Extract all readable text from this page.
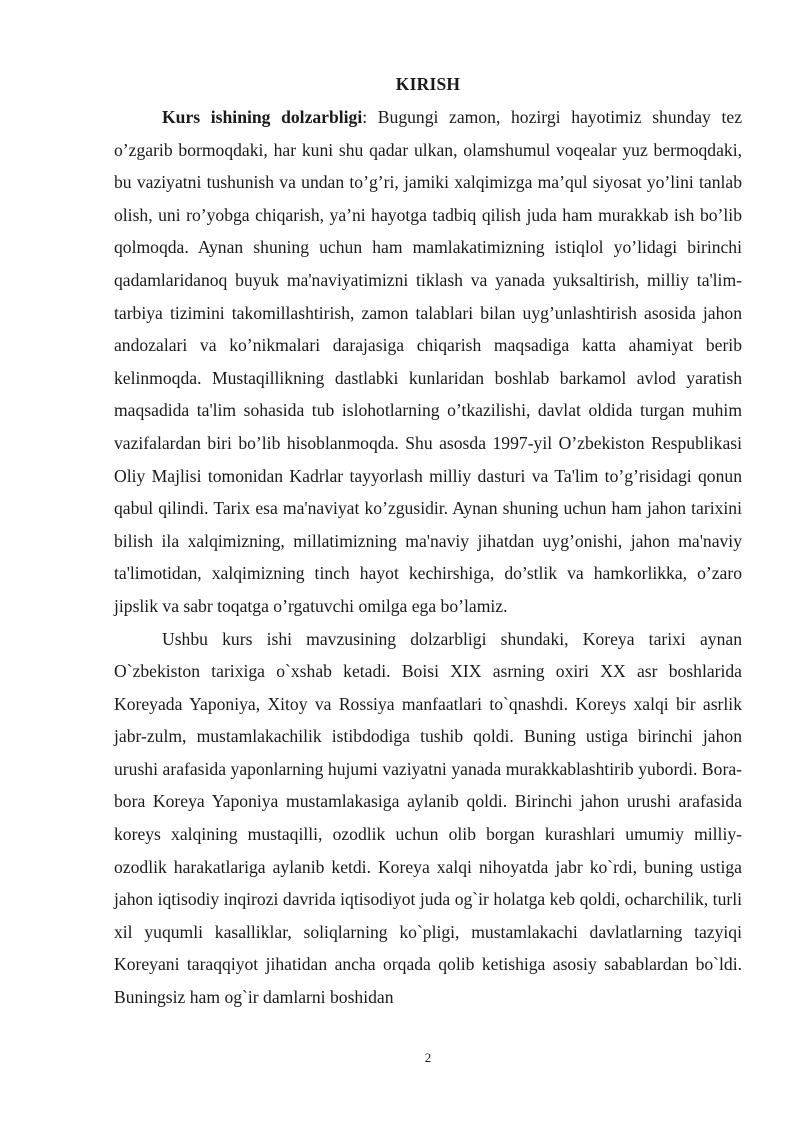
KIRISH

Kurs ishining dolzarbligi: Bugungi zamon, hozirgi hayotimiz shunday tez o’zgarib bormoqdaki, har kuni shu qadar ulkan, olamshumul voqealar yuz bermoqdaki, bu vaziyatni tushunish va undan to’g’ri, jamiki xalqimizga ma’qul siyosat yo’lini tanlab olish, uni ro’yobga chiqarish, ya’ni hayotga tadbiq qilish juda ham murakkab ish bo’lib qolmoqda. Aynan shuning uchun ham mamlakatimizning istiqlol yo’lidagi birinchi qadamlaridanoq buyuk ma'naviyatimizni tiklash va yanada yuksaltirish, milliy ta'lim-tarbiya tizimini takomillashtirish, zamon talablari bilan uyg’unlashtirish asosida jahon andozalari va ko’nikmalari darajasiga chiqarish maqsadiga katta ahamiyat berib kelinmoqda. Mustaqillikning dastlabki kunlaridan boshlab barkamol avlod yaratish maqsadida ta'lim sohasida tub islohotlarning o’tkazilishi, davlat oldida turgan muhim vazifalardan biri bo’lib hisoblanmoqda. Shu asosda 1997-yil O’zbekiston Respublikasi Oliy Majlisi tomonidan Kadrlar tayyorlash milliy dasturi va Ta'lim to’g’risidagi qonun qabul qilindi. Tarix esa ma'naviyat ko’zgusidir. Aynan shuning uchun ham jahon tarixini bilish ila xalqimizning, millatimizning ma'naviy jihatdan uyg’onishi, jahon ma'naviy ta'limotidan, xalqimizning tinch hayot kechirshiga, do’stlik va hamkorlikka, o’zaro jipslik va sabr toqatga o’rgatuvchi omilga ega bo’lamiz.

Ushbu kurs ishi mavzusining dolzarbligi shundaki, Koreya tarixi aynan O`zbekiston tarixiga o`xshab ketadi. Boisi XIX asrning oxiri XX asr boshlarida Koreyada Yaponiya, Xitoy va Rossiya manfaatlari to`qnashdi. Koreys xalqi bir asrlik jabr-zulm, mustamlakachilik istibdodiga tushib qoldi. Buning ustiga birinchi jahon urushi arafasida yaponlarning hujumi vaziyatni yanada murakkablashtirib yubordi. Bora-bora Koreya Yaponiya mustamlakasiga aylanib qoldi. Birinchi jahon urushi arafasida koreys xalqining mustaqilli, ozodlik uchun olib borgan kurashlari umumiy milliy-ozodlik harakatlariga aylanib ketdi. Koreya xalqi nihoyatda jabr ko`rdi, buning ustiga jahon iqtisodiy inqirozi davrida iqtisodiyot juda og`ir holatga keb qoldi, ocharchilik, turli xil yuqumli kasalliklar, soliqlarning ko`pligi, mustamlakachi davlatlarning tazyiqi Koreyani taraqqiyot jihatidan ancha orqada qolib ketishiga asosiy sabablardan bo`ldi. Buningsiz ham og`ir damlarni boshidan

2
